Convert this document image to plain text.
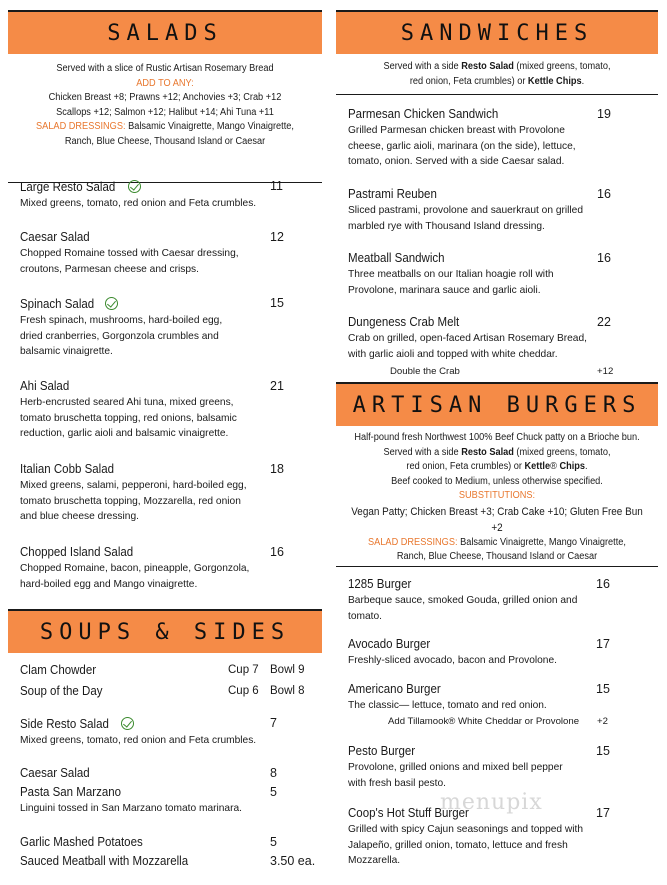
SALADS
Served with a slice of Rustic Artisan Rosemary Bread
ADD TO ANY:
Chicken Breast +8; Prawns +12; Anchovies +3; Crab +12
Scallops +12; Salmon +12; Halibut +14; Ahi Tuna +11
SALAD DRESSINGS: Balsamic Vinaigrette, Mango Vinaigrette,
Ranch, Blue Cheese, Thousand Island or Caesar
Large Resto Salad	11
Mixed greens, tomato, red onion and Feta crumbles.
Caesar Salad	12
Chopped Romaine tossed with Caesar dressing,
croutons, Parmesan cheese and crisps.
Spinach Salad	15
Fresh spinach, mushrooms, hard-boiled egg,
dried cranberries, Gorgonzola crumbles and
balsamic vinaigrette.
Ahi Salad	21
Herb-encrusted seared Ahi tuna, mixed greens,
tomato bruschetta topping, red onions, balsamic
reduction, garlic aioli and balsamic vinaigrette.
Italian Cobb Salad	18
Mixed greens, salami, pepperoni, hard-boiled egg,
tomato bruschetta topping, Mozzarella, red onion
and blue cheese dressing.
Chopped Island Salad	16
Chopped Romaine, bacon, pineapple, Gorgonzola,
hard-boiled egg and Mango vinaigrette.
SOUPS & SIDES
Clam Chowder	Cup 7 Bowl 9
Soup of the Day	Cup 6 Bowl 8
Side Resto Salad	7
Mixed greens, tomato, red onion and Feta crumbles.
Caesar Salad	8
Pasta San Marzano	5
Linguini tossed in San Marzano tomato marinara.
Garlic Mashed Potatoes	5
Sauced Meatball with Mozzarella	3.50 ea.
SANDWICHES
Served with a side Resto Salad (mixed greens, tomato,
red onion, Feta crumbles) or Kettle Chips.
Parmesan Chicken Sandwich	19
Grilled Parmesan chicken breast with Provolone
cheese, garlic aioli, marinara (on the side), lettuce,
tomato, onion. Served with a side Caesar salad.
Pastrami Reuben	16
Sliced pastrami, provolone and sauerkraut on grilled
marbled rye with Thousand Island dressing.
Meatball Sandwich	16
Three meatballs on our Italian hoagie roll with
Provolone, marinara sauce and garlic aioli.
Dungeness Crab Melt	22
Crab on grilled, open-faced Artisan Rosemary Bread,
with garlic aioli and topped with white cheddar.
Double the Crab	+12
ARTISAN BURGERS
Half-pound fresh Northwest 100% Beef Chuck patty on a Brioche bun.
Served with a side Resto Salad (mixed greens, tomato,
red onion, Feta crumbles) or Kettle® Chips.
Beef cooked to Medium, unless otherwise specified.
SUBSTITUTIONS:
Vegan Patty; Chicken Breast +3; Crab Cake +10; Gluten Free Bun +2
SALAD DRESSINGS: Balsamic Vinaigrette, Mango Vinaigrette,
Ranch, Blue Cheese, Thousand Island or Caesar
1285 Burger	16
Barbeque sauce, smoked Gouda, grilled onion and
tomato.
Avocado Burger	17
Freshly-sliced avocado, bacon and Provolone.
Americano Burger	15
The classic— lettuce, tomato and red onion.
Add Tillamook® White Cheddar or Provolone +2
Pesto Burger	15
Provolone, grilled onions and mixed bell pepper
with fresh basil pesto.
Coop's Hot Stuff Burger	17
Grilled with spicy Cajun seasonings and topped with
Jalapeño, grilled onion, tomato, lettuce and fresh
Mozzarella.
menupix
